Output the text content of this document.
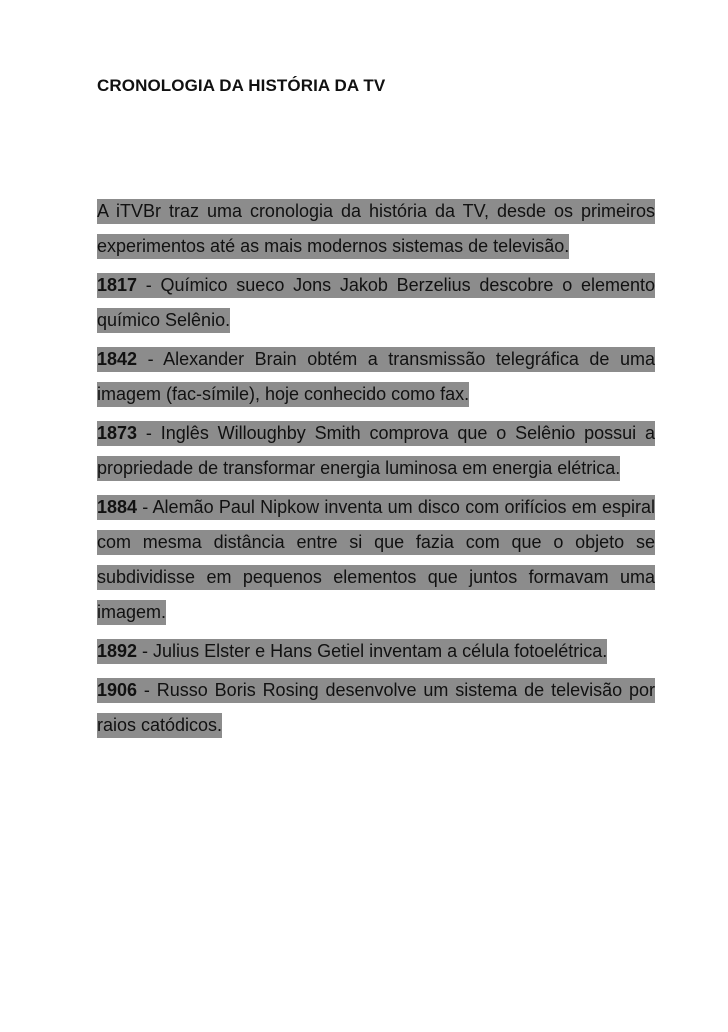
CRONOLOGIA DA HISTÓRIA DA TV

A iTVBr traz uma cronologia da história da TV, desde os primeiros experimentos até as mais modernos sistemas de televisão.

1817 - Químico sueco Jons Jakob Berzelius descobre o elemento químico Selênio.

1842 - Alexander Brain obtém a transmissão telegráfica de uma imagem (fac-símile), hoje conhecido como fax.

1873 - Inglês Willoughby Smith comprova que o Selênio possui a propriedade de transformar energia luminosa em energia elétrica.

1884 - Alemão Paul Nipkow inventa um disco com orifícios em espiral com mesma distância entre si que fazia com que o objeto se subdividisse em pequenos elementos que juntos formavam uma imagem.

1892 - Julius Elster e Hans Getiel inventam a célula fotoelétrica.

1906 - Russo Boris Rosing desenvolve um sistema de televisão por raios catódicos.
